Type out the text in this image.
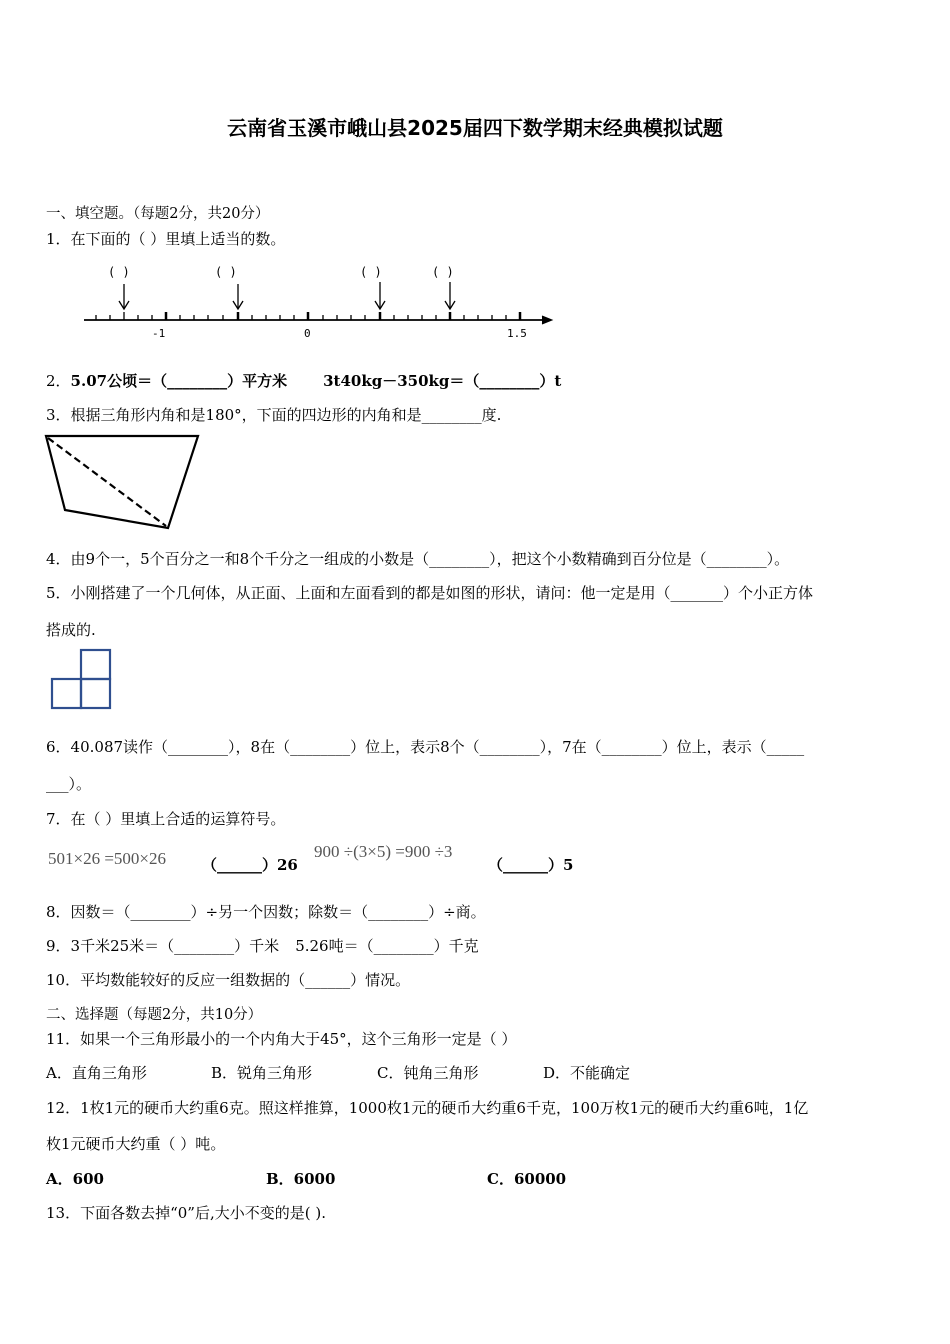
云南省玉溪市峨山县2025届四下数学期末经典模拟试题
一、填空题。（每题2分，共20分）
1．在下面的（ ）里填上适当的数。
( )	( )	( )	( )
-1	0	1.5
2．5.07公顷＝（________）平方米 3t40kg－350kg＝（________）t
3．根据三角形内角和是180°，下面的四边形的内角和是________度.
4．由9个一，5个百分之一和8个千分之一组成的小数是（________），把这个小数精确到百分位是（________）。
5．小刚搭建了一个几何体，从正面、上面和左面看到的都是如图的形状，请问：他一定是用（_______）个小正方体
搭成的.
6．40.087读作（________），8在（________）位上，表示8个（________），7在（________）位上，表示（_____
___）。
7．在（ ）里填上合适的运算符号。
501×26 =500×26 （______）26
900 ÷(3×5) =900 ÷3
（______）5
8．因数＝（________）÷另一个因数；除数＝（________）÷商。
9．3千米25米＝（________）千米 5.26吨＝（________）千克
10．平均数能较好的反应一组数据的（______）情况。
二、选择题（每题2分，共10分）
11．如果一个三角形最小的一个内角大于45°，这个三角形一定是（ ）
A．直角三角形	B．锐角三角形	C．钝角三角形	D．不能确定
12．1枚1元的硬币大约重6克。照这样推算，1000枚1元的硬币大约重6千克，100万枚1元的硬币大约重6吨，1亿
枚1元硬币大约重（ ）吨。
A．600	B．6000	C．60000
13．下面各数去掉“0”后,大小不变的是( ).
